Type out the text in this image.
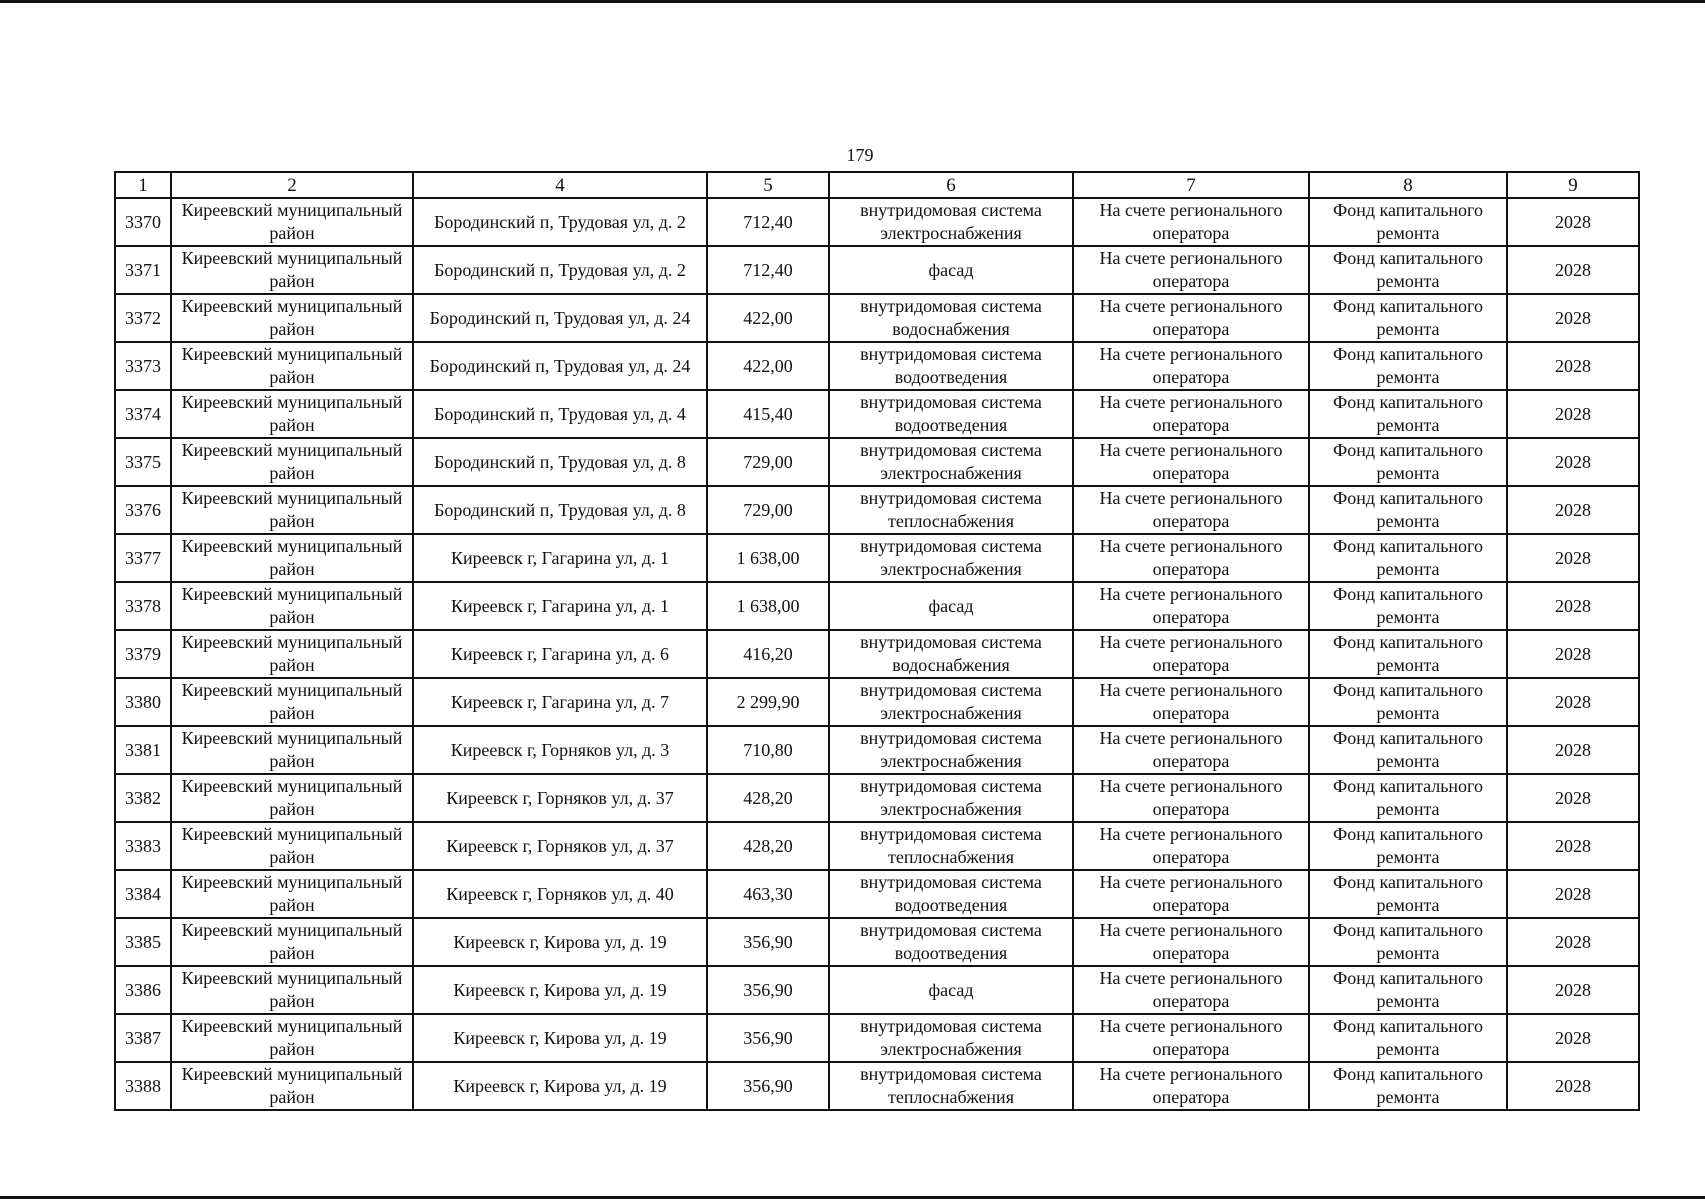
179
1	2	4	5	6	7	8	9
3370	Киреевский муниципальный район	Бородинский п, Трудовая ул, д. 2	712,40	внутридомовая система электроснабжения	На счете регионального оператора	Фонд капитального ремонта	2028
3371	Киреевский муниципальный район	Бородинский п, Трудовая ул, д. 2	712,40	фасад	На счете регионального оператора	Фонд капитального ремонта	2028
3372	Киреевский муниципальный район	Бородинский п, Трудовая ул, д. 24	422,00	внутридомовая система водоснабжения	На счете регионального оператора	Фонд капитального ремонта	2028
3373	Киреевский муниципальный район	Бородинский п, Трудовая ул, д. 24	422,00	внутридомовая система водоотведения	На счете регионального оператора	Фонд капитального ремонта	2028
3374	Киреевский муниципальный район	Бородинский п, Трудовая ул, д. 4	415,40	внутридомовая система водоотведения	На счете регионального оператора	Фонд капитального ремонта	2028
3375	Киреевский муниципальный район	Бородинский п, Трудовая ул, д. 8	729,00	внутридомовая система электроснабжения	На счете регионального оператора	Фонд капитального ремонта	2028
3376	Киреевский муниципальный район	Бородинский п, Трудовая ул, д. 8	729,00	внутридомовая система теплоснабжения	На счете регионального оператора	Фонд капитального ремонта	2028
3377	Киреевский муниципальный район	Киреевск г, Гагарина ул, д. 1	1 638,00	внутридомовая система электроснабжения	На счете регионального оператора	Фонд капитального ремонта	2028
3378	Киреевский муниципальный район	Киреевск г, Гагарина ул, д. 1	1 638,00	фасад	На счете регионального оператора	Фонд капитального ремонта	2028
3379	Киреевский муниципальный район	Киреевск г, Гагарина ул, д. 6	416,20	внутридомовая система водоснабжения	На счете регионального оператора	Фонд капитального ремонта	2028
3380	Киреевский муниципальный район	Киреевск г, Гагарина ул, д. 7	2 299,90	внутридомовая система электроснабжения	На счете регионального оператора	Фонд капитального ремонта	2028
3381	Киреевский муниципальный район	Киреевск г, Горняков ул, д. 3	710,80	внутридомовая система электроснабжения	На счете регионального оператора	Фонд капитального ремонта	2028
3382	Киреевский муниципальный район	Киреевск г, Горняков ул, д. 37	428,20	внутридомовая система электроснабжения	На счете регионального оператора	Фонд капитального ремонта	2028
3383	Киреевский муниципальный район	Киреевск г, Горняков ул, д. 37	428,20	внутридомовая система теплоснабжения	На счете регионального оператора	Фонд капитального ремонта	2028
3384	Киреевский муниципальный район	Киреевск г, Горняков ул, д. 40	463,30	внутридомовая система водоотведения	На счете регионального оператора	Фонд капитального ремонта	2028
3385	Киреевский муниципальный район	Киреевск г, Кирова ул, д. 19	356,90	внутридомовая система водоотведения	На счете регионального оператора	Фонд капитального ремонта	2028
3386	Киреевский муниципальный район	Киреевск г, Кирова ул, д. 19	356,90	фасад	На счете регионального оператора	Фонд капитального ремонта	2028
3387	Киреевский муниципальный район	Киреевск г, Кирова ул, д. 19	356,90	внутридомовая система электроснабжения	На счете регионального оператора	Фонд капитального ремонта	2028
3388	Киреевский муниципальный район	Киреевск г, Кирова ул, д. 19	356,90	внутридомовая система теплоснабжения	На счете регионального оператора	Фонд капитального ремонта	2028
